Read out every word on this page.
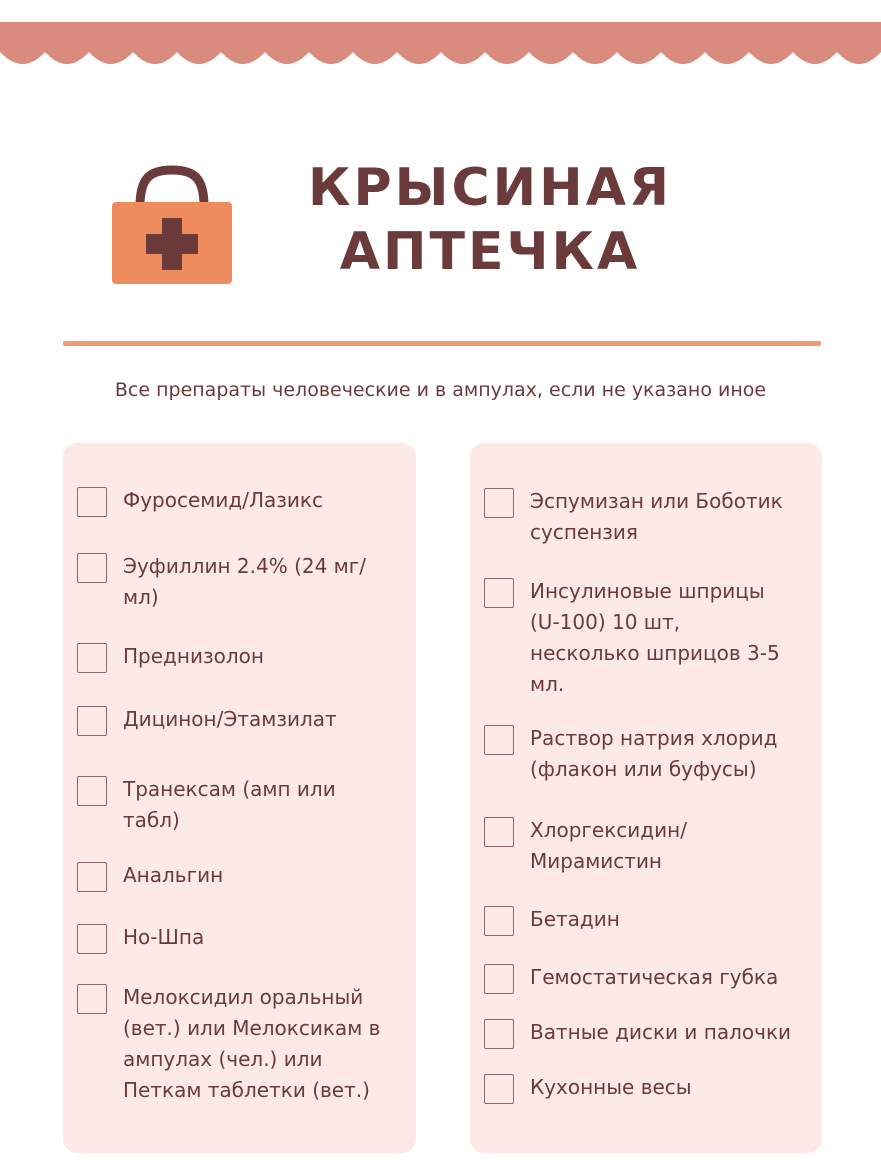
КРЫСИНАЯ
АПТЕЧКА
Все препараты человеческие и в ампулах, если не указано иное
Фуросемид/Лазикс
Эуфиллин 2.4% (24 мг/ мл)
Преднизолон
Дицинон/Этамзилат
Транексам (амп или табл)
Анальгин
Но-Шпа
Мелоксидил оральный (вет.) или Мелоксикам в ампулах (чел.) или Петкам таблетки (вет.)
Эспумизан или Боботик суспензия
Инсулиновые шприцы (U-100) 10 шт, несколько шприцов 3-5 мл.
Раствор натрия хлорид (флакон или буфусы)
Хлоргексидин/ Мирамистин
Бетадин
Гемостатическая губка
Ватные диски и палочки
Кухонные весы
